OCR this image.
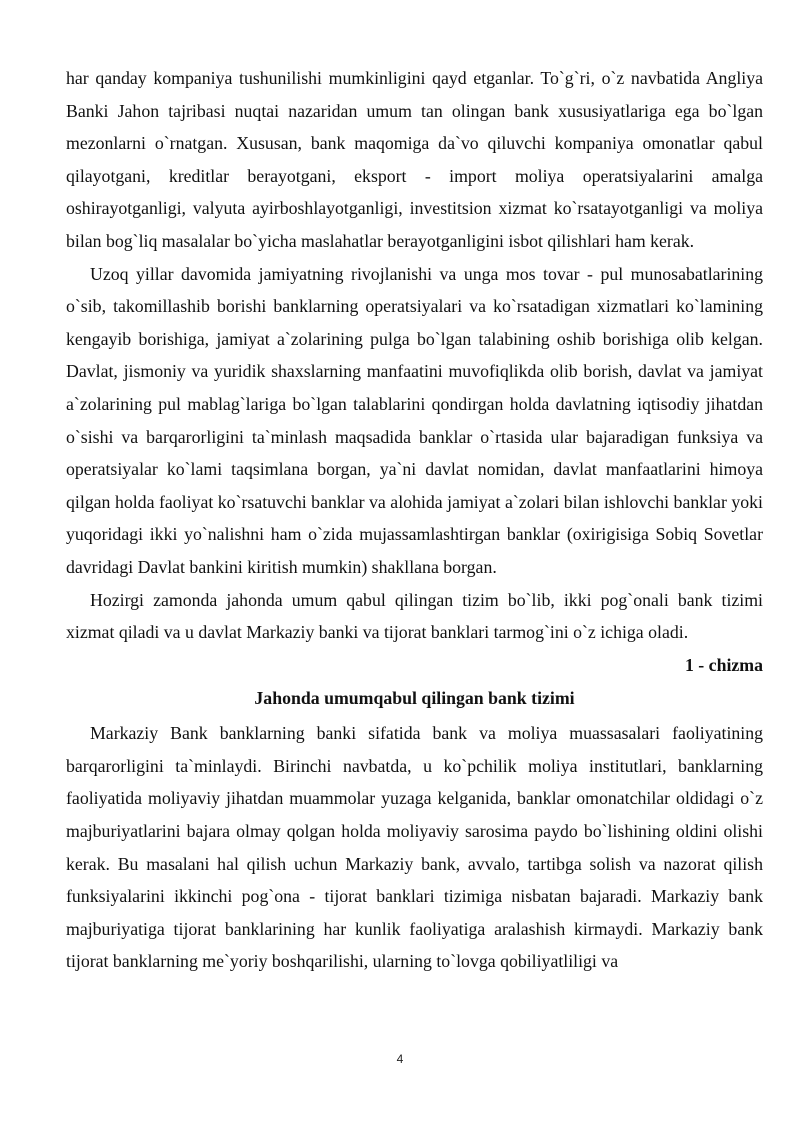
har qanday kompaniya tushunilishi mumkinligini qayd etganlar. To`g`ri, o`z navbatida Angliya Banki Jahon tajribasi nuqtai nazaridan umum tan olingan bank xususiyatlariga ega bo`lgan mezonlarni o`rnatgan. Xususan, bank maqomiga da`vo qiluvchi kompaniya omonatlar qabul qilayotgani, kreditlar berayotgani, eksport - import moliya operatsiyalarini amalga oshirayotganligi, valyuta ayirboshlayotganligi, investitsion xizmat ko`rsatayotganligi va moliya bilan bog`liq masalalar bo`yicha maslahatlar berayotganligini isbot qilishlari ham kerak.

Uzoq yillar davomida jamiyatning rivojlanishi va unga mos tovar - pul munosabatlarining o`sib, takomillashib borishi banklarning operatsiyalari va ko`rsatadigan xizmatlari ko`lamining kengayib borishiga, jamiyat a`zolarining pulga bo`lgan talabining oshib borishiga olib kelgan. Davlat, jismoniy va yuridik shaxslarning manfaatini muvofiqlikda olib borish, davlat va jamiyat a`zolarining pul mablag`lariga bo`lgan talablarini qondirgan holda davlatning iqtisodiy jihatdan o`sishi va barqarorligini ta`minlash maqsadida banklar o`rtasida ular bajaradigan funksiya va operatsiyalar ko`lami taqsimlana borgan, ya`ni davlat nomidan, davlat manfaatlarini himoya qilgan holda faoliyat ko`rsatuvchi banklar va alohida jamiyat a`zolari bilan ishlovchi banklar yoki yuqoridagi ikki yo`nalishni ham o`zida mujassamlashtirgan banklar (oxirigisiga Sobiq Sovetlar davridagi Davlat bankini kiritish mumkin) shakllana borgan.

Hozirgi zamonda jahonda umum qabul qilingan tizim bo`lib, ikki pog`onali bank tizimi xizmat qiladi va u davlat Markaziy banki va tijorat banklari tarmog`ini o`z ichiga oladi.

1 - chizma

Jahonda umumqabul qilingan bank tizimi

Markaziy Bank banklarning banki sifatida bank va moliya muassasalari faoliyatining barqarorligini ta`minlaydi. Birinchi navbatda, u ko`pchilik moliya institutlari, banklarning faoliyatida moliyaviy jihatdan muammolar yuzaga kelganida, banklar omonatchilar oldidagi o`z majburiyatlarini bajara olmay qolgan holda moliyaviy sarosima paydo bo`lishining oldini olishi kerak. Bu masalani hal qilish uchun Markaziy bank, avvalo, tartibga solish va nazorat qilish funksiyalarini ikkinchi pog`ona - tijorat banklari tizimiga nisbatan bajaradi. Markaziy bank majburiyatiga tijorat banklarining har kunlik faoliyatiga aralashish kirmaydi. Markaziy bank tijorat banklarning me`yoriy boshqarilishi, ularning to`lovga qobiliyatliligi va

4
